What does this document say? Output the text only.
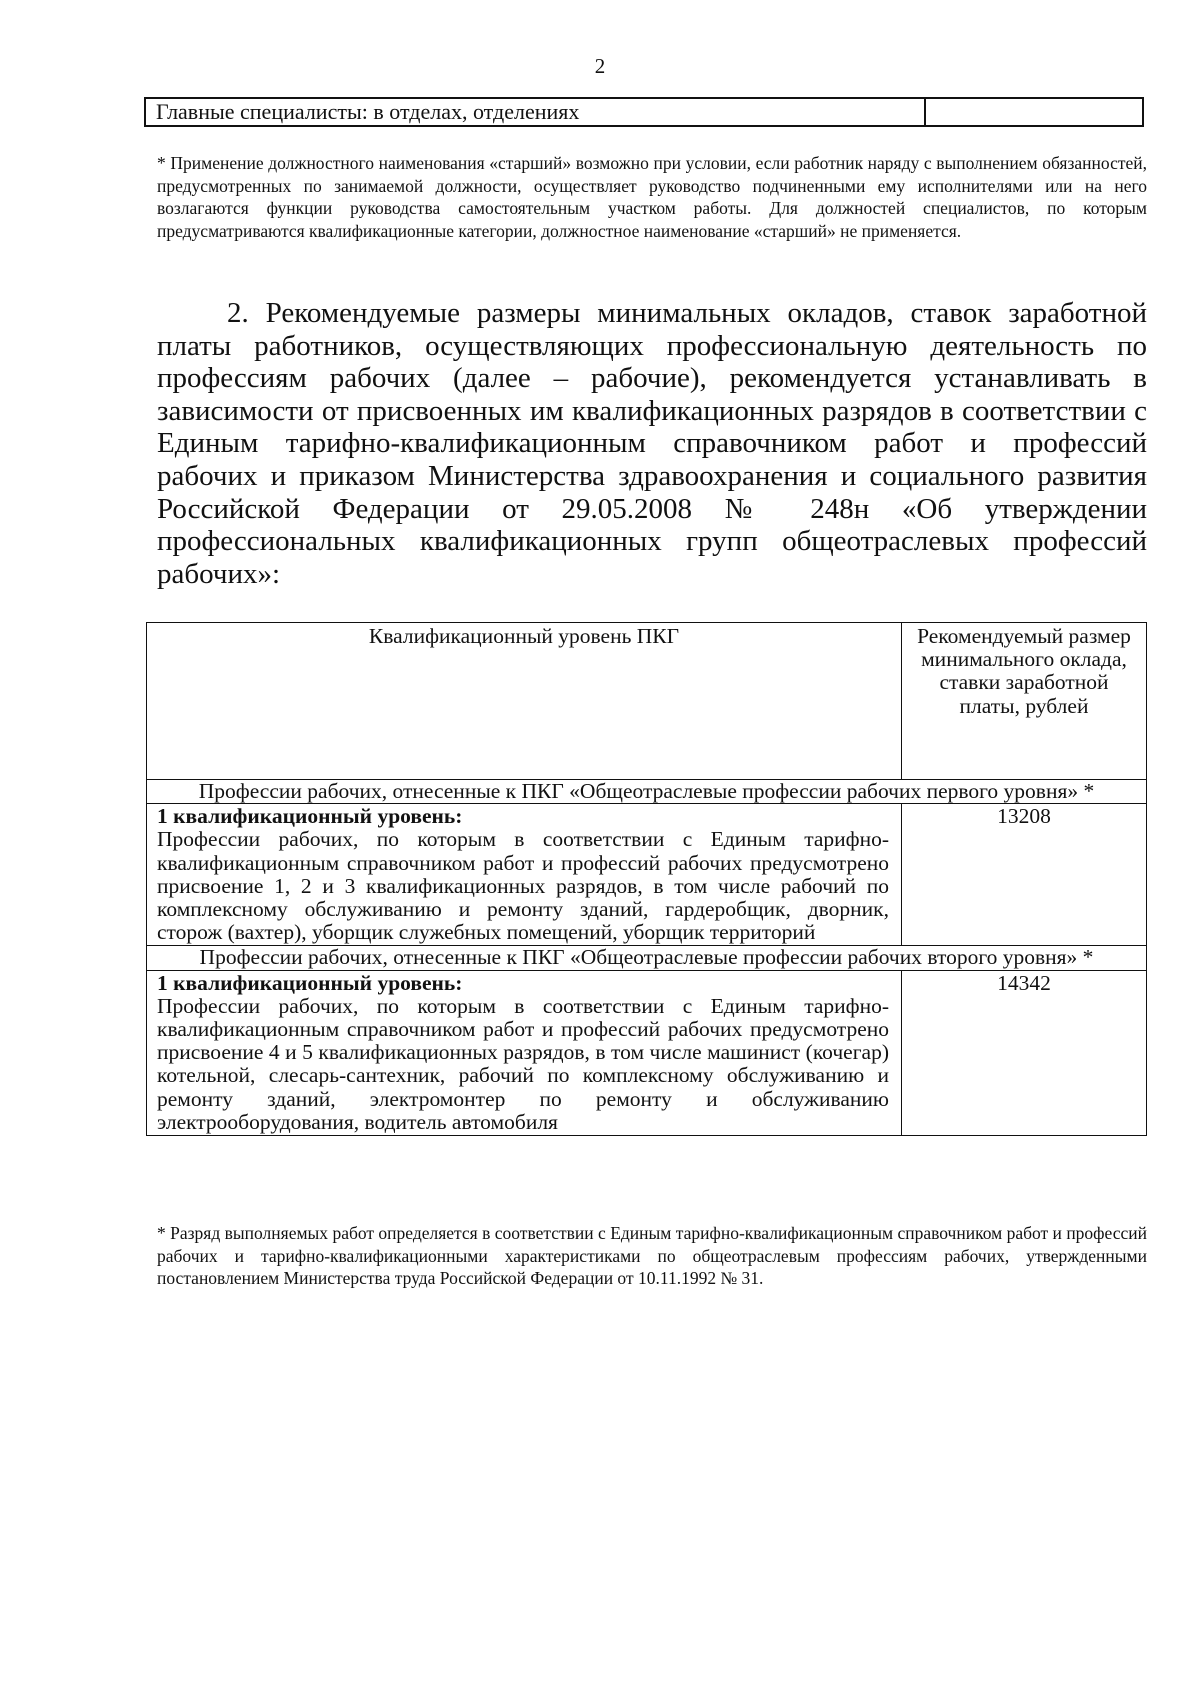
2
Главные специалисты: в отделах, отделениях	
* Применение должностного наименования «старший» возможно при условии, если работник наряду с выполнением обязанностей, предусмотренных по занимаемой должности, осуществляет руководство подчиненными ему исполнителями или на него возлагаются функции руководства самостоятельным участком работы. Для должностей специалистов, по которым предусматриваются квалификационные категории, должностное наименование «старший» не применяется.
2. Рекомендуемые размеры минимальных окладов, ставок заработной платы работников, осуществляющих профессиональную деятельность по профессиям рабочих (далее – рабочие), рекомендуется устанавливать в зависимости от присвоенных им квалификационных разрядов в соответствии с Единым тарифно-квалификационным справочником работ и профессий рабочих и приказом Министерства здравоохранения и социального развития Российской Федерации от 29.05.2008 № 248н «Об утверждении профессиональных квалификационных групп общеотраслевых профессий рабочих»:
Квалификационный уровень ПКГ	Рекомендуемый размер минимального оклада, ставки заработной платы, рублей
Профессии рабочих, отнесенные к ПКГ «Общеотраслевые профессии рабочих первого уровня» *	

1 квалификационный уровень:
Профессии рабочих, по которым в соответствии с Единым тарифно-квалификационным справочником работ и профессий рабочих предусмотрено присвоение 1, 2 и 3 квалификационных разрядов, в том числе рабочий по комплексному обслуживанию и ремонту зданий, гардеробщик, дворник, сторож (вахтер), уборщик служебных помещений, уборщик территорий	13208
Профессии рабочих, отнесенные к ПКГ «Общеотраслевые профессии рабочих второго уровня» *	

1 квалификационный уровень:
Профессии рабочих, по которым в соответствии с Единым тарифно-квалификационным справочником работ и профессий рабочих предусмотрено присвоение 4 и 5 квалификационных разрядов, в том числе машинист (кочегар) котельной, слесарь-сантехник, рабочий по комплексному обслуживанию и ремонту зданий, электромонтер по ремонту и обслуживанию электрооборудования, водитель автомобиля	14342
* Разряд выполняемых работ определяется в соответствии с Единым тарифно-квалификационным справочником работ и профессий рабочих и тарифно-квалификационными характеристиками по общеотраслевым профессиям рабочих, утвержденными постановлением Министерства труда Российской Федерации от 10.11.1992 № 31.
